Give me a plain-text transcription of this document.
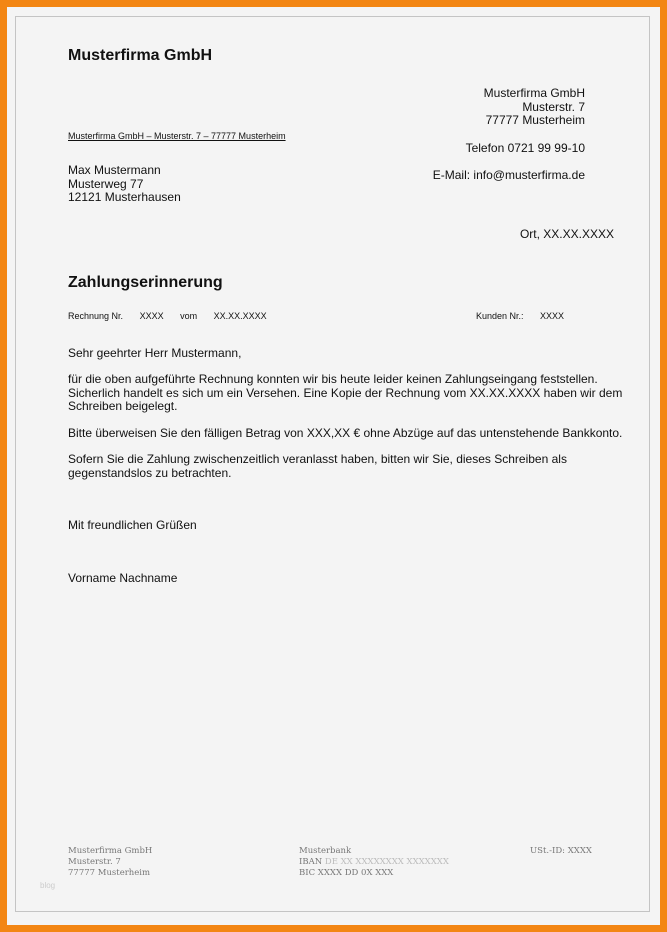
Musterfirma GmbH
Musterfirma GmbH
Musterstr. 7
77777 Musterheim
Telefon 0721 99 99-10
E-Mail: info@musterfirma.de
Musterfirma GmbH – Musterstr. 7 – 77777 Musterheim
Max Mustermann
Musterweg 77
12121 Musterhausen
Ort, XX.XX.XXXX
Zahlungserinnerung
Rechnung Nr. XXXX vom XX.XX.XXXX	Kunden Nr.: XXXX
Sehr geehrter Herr Mustermann,
für die oben aufgeführte Rechnung konnten wir bis heute leider keinen Zahlungseingang feststellen. Sicherlich handelt es sich um ein Versehen. Eine Kopie der Rechnung vom XX.XX.XXXX haben wir dem Schreiben beigelegt.
Bitte überweisen Sie den fälligen Betrag von XXX,XX € ohne Abzüge auf das untenstehende Bankkonto.
Sofern Sie die Zahlung zwischenzeitlich veranlasst haben, bitten wir Sie, dieses Schreiben als gegenstandslos zu betrachten.
Mit freundlichen Grüßen
Vorname Nachname
Musterfirma GmbH
Musterstr. 7
77777 Musterheim
Musterbank
IBAN DE XX XXXXXXXX XXXXXXX
BIC XXXX DD 0X XXX
USt.-ID: XXXX
blog
